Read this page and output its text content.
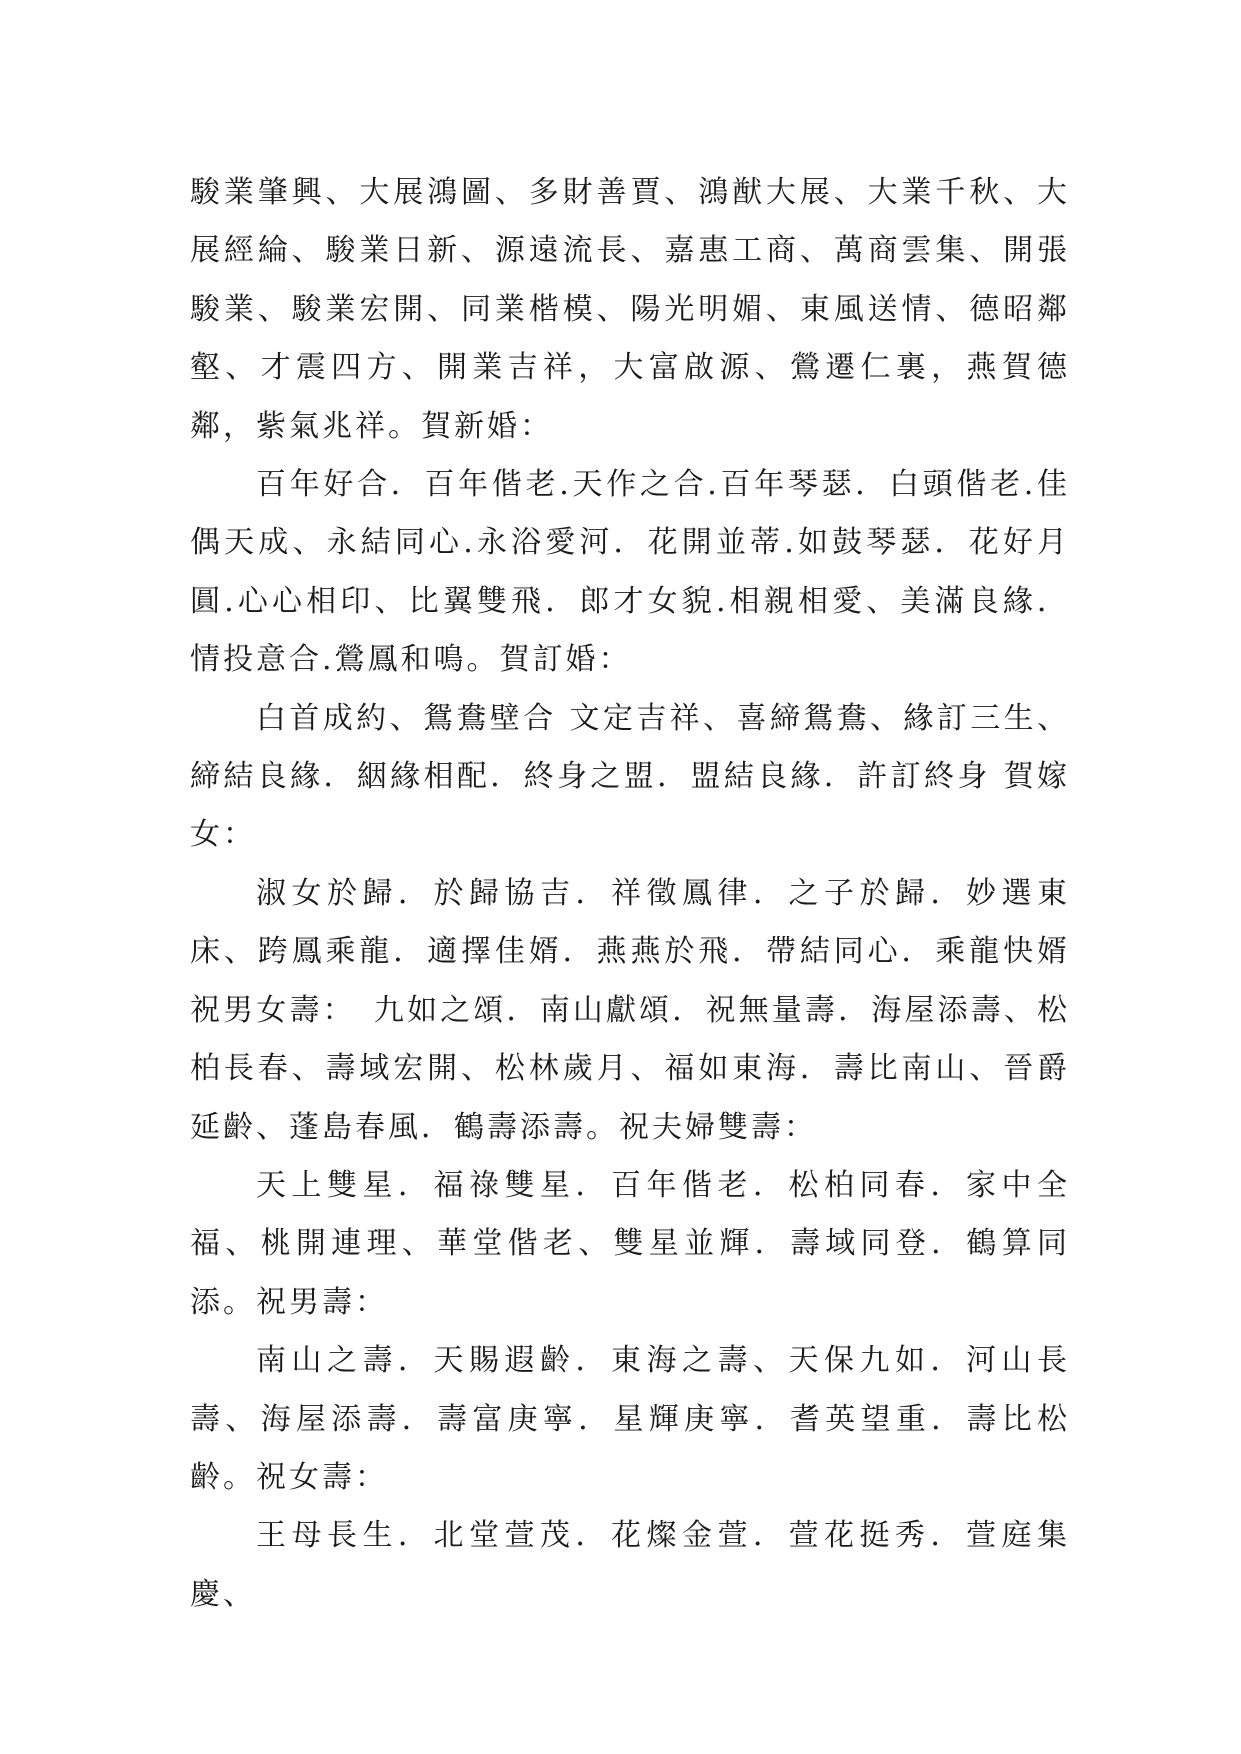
駿業肇興、大展鴻圖、多財善賈、鴻猷大展、大業千秋、大展經綸、駿業日新、源遠流長、嘉惠工商、萬商雲集、開張駿業、駿業宏開、同業楷模、陽光明媚、東風送情、德昭鄰壑、才震四方、開業吉祥，大富啟源、鶯遷仁裏，燕賀德鄰，紫氣兆祥。賀新婚：

百年好合．百年偕老.天作之合.百年琴瑟．白頭偕老.佳偶天成、永結同心.永浴愛河．花開並蒂.如鼓琴瑟．花好月圓.心心相印、比翼雙飛．郎才女貌.相親相愛、美滿良緣．情投意合.鶯鳳和鳴。賀訂婚：

白首成約、鴛鴦壁合 文定吉祥、喜締鴛鴦、緣訂三生、締結良緣．絪緣相配．終身之盟．盟結良緣．許訂終身 賀嫁女：

淑女於歸．於歸協吉．祥徵鳳律．之子於歸．妙選東床、跨鳳乘龍．適擇佳婿．燕燕於飛．帶結同心．乘龍快婿 祝男女壽：　九如之頌．南山獻頌．祝無量壽．海屋添壽、松柏長春、壽域宏開、松林歲月、福如東海．壽比南山、晉爵延齡、蓬島春風．鶴壽添壽。祝夫婦雙壽：

天上雙星．福祿雙星．百年偕老．松柏同春．家中全福、桃開連理、華堂偕老、雙星並輝．壽域同登．鶴算同添。祝男壽：

南山之壽．天賜遐齡．東海之壽、天保九如．河山長壽、海屋添壽．壽富庚寧．星輝庚寧．耆英望重．壽比松齡。祝女壽：

王母長生．北堂萱茂．花燦金萱．萱花挺秀．萱庭集慶、
